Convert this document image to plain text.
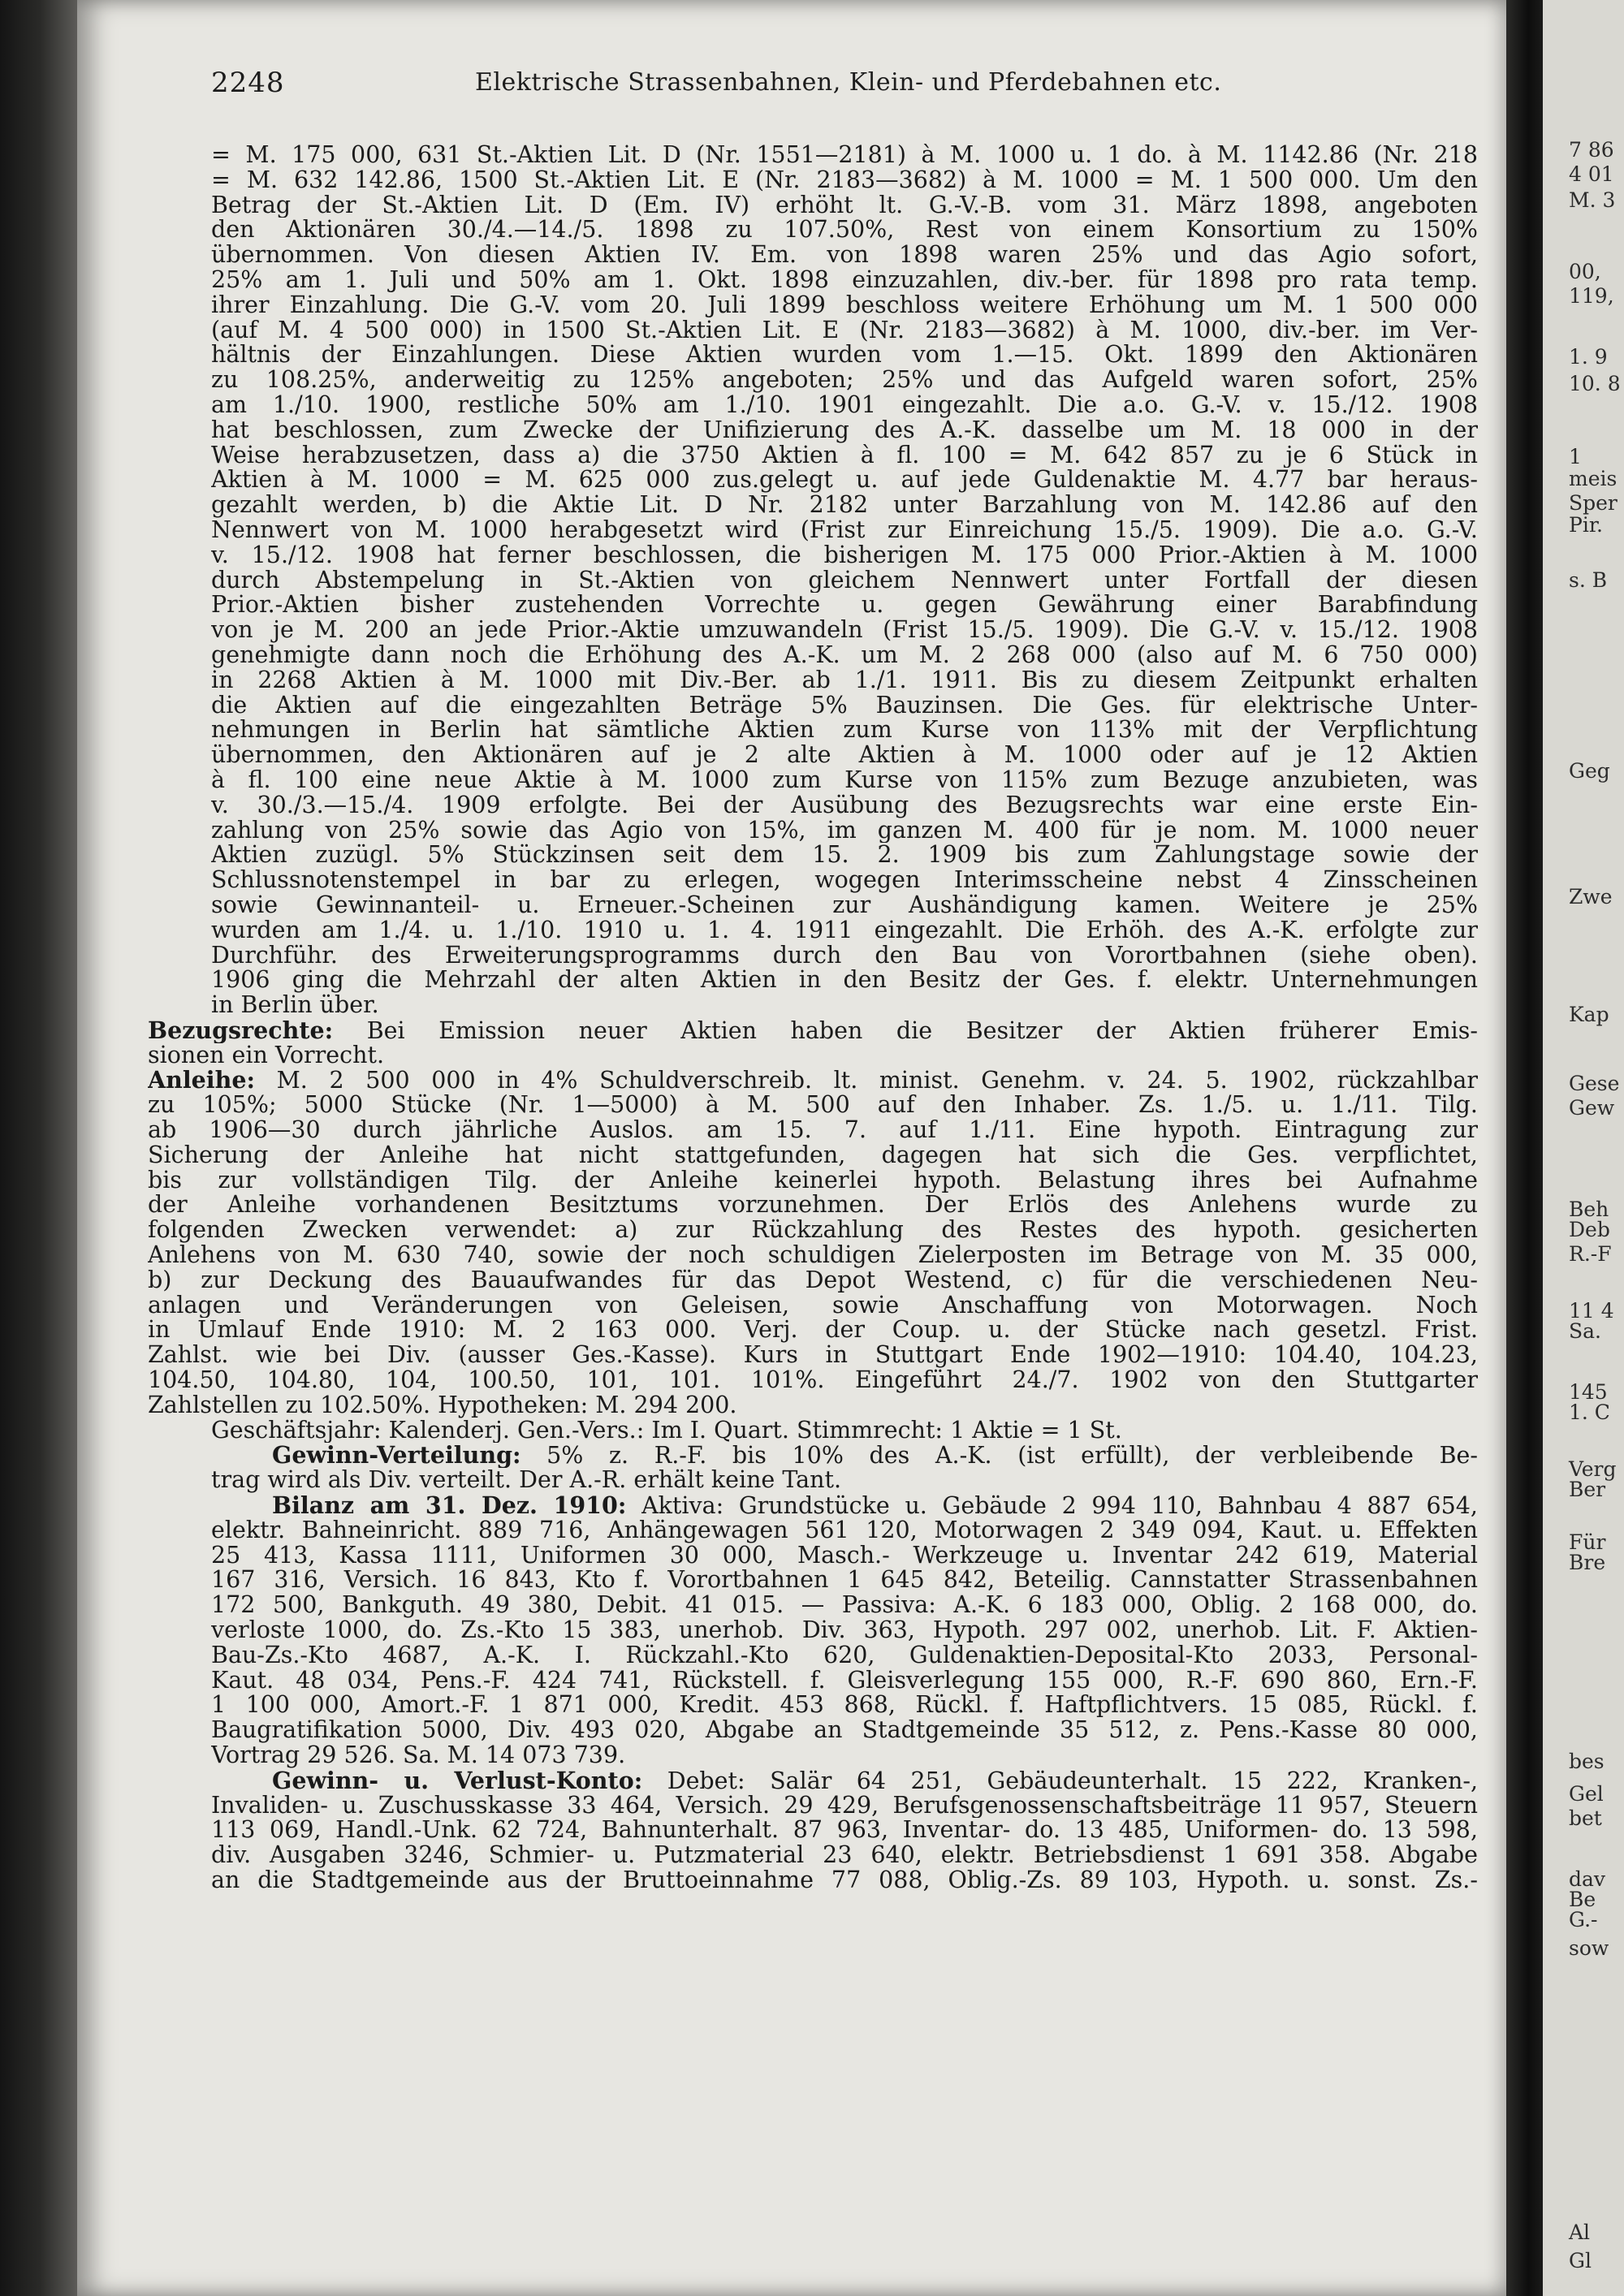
2248	Elektrische Strassenbahnen, Klein- und Pferdebahnen etc.
= M. 175 000, 631 St.-Aktien Lit. D (Nr. 1551—2181) à M. 1000 u. 1 do. à M. 1142.86 (Nr. 218
= M. 632 142.86, 1500 St.-Aktien Lit. E (Nr. 2183—3682) à M. 1000 = M. 1 500 000. Um den
Betrag der St.-Aktien Lit. D (Em. IV) erhöht lt. G.-V.-B. vom 31. März 1898, angeboten
den Aktionären 30./4.—14./5. 1898 zu 107.50%, Rest von einem Konsortium zu 150%
übernommen. Von diesen Aktien IV. Em. von 1898 waren 25% und das Agio sofort,
25% am 1. Juli und 50% am 1. Okt. 1898 einzuzahlen, div.-ber. für 1898 pro rata temp.
ihrer Einzahlung. Die G.-V. vom 20. Juli 1899 beschloss weitere Erhöhung um M. 1 500 000
(auf M. 4 500 000) in 1500 St.-Aktien Lit. E (Nr. 2183—3682) à M. 1000, div.-ber. im Ver-
hältnis der Einzahlungen. Diese Aktien wurden vom 1.—15. Okt. 1899 den Aktionären
zu 108.25%, anderweitig zu 125% angeboten; 25% und das Aufgeld waren sofort, 25%
am 1./10. 1900, restliche 50% am 1./10. 1901 eingezahlt. Die a.o. G.-V. v. 15./12. 1908
hat beschlossen, zum Zwecke der Unifizierung des A.-K. dasselbe um M. 18 000 in der
Weise herabzusetzen, dass a) die 3750 Aktien à fl. 100 = M. 642 857 zu je 6 Stück in
Aktien à M. 1000 = M. 625 000 zus.gelegt u. auf jede Guldenaktie M. 4.77 bar heraus-
gezahlt werden, b) die Aktie Lit. D Nr. 2182 unter Barzahlung von M. 142.86 auf den
Nennwert von M. 1000 herabgesetzt wird (Frist zur Einreichung 15./5. 1909). Die a.o. G.-V.
v. 15./12. 1908 hat ferner beschlossen, die bisherigen M. 175 000 Prior.-Aktien à M. 1000
durch Abstempelung in St.-Aktien von gleichem Nennwert unter Fortfall der diesen
Prior.-Aktien bisher zustehenden Vorrechte u. gegen Gewährung einer Barabfindung
von je M. 200 an jede Prior.-Aktie umzuwandeln (Frist 15./5. 1909). Die G.-V. v. 15./12. 1908
genehmigte dann noch die Erhöhung des A.-K. um M. 2 268 000 (also auf M. 6 750 000)
in 2268 Aktien à M. 1000 mit Div.-Ber. ab 1./1. 1911. Bis zu diesem Zeitpunkt erhalten
die Aktien auf die eingezahlten Beträge 5% Bauzinsen. Die Ges. für elektrische Unter-
nehmungen in Berlin hat sämtliche Aktien zum Kurse von 113% mit der Verpflichtung
übernommen, den Aktionären auf je 2 alte Aktien à M. 1000 oder auf je 12 Aktien
à fl. 100 eine neue Aktie à M. 1000 zum Kurse von 115% zum Bezuge anzubieten, was
v. 30./3.—15./4. 1909 erfolgte. Bei der Ausübung des Bezugsrechts war eine erste Ein-
zahlung von 25% sowie das Agio von 15%, im ganzen M. 400 für je nom. M. 1000 neuer
Aktien zuzügl. 5% Stückzinsen seit dem 15. 2. 1909 bis zum Zahlungstage sowie der
Schlussnotenstempel in bar zu erlegen, wogegen Interimsscheine nebst 4 Zinsscheinen
sowie Gewinnanteil- u. Erneuer.-Scheinen zur Aushändigung kamen. Weitere je 25%
wurden am 1./4. u. 1./10. 1910 u. 1. 4. 1911 eingezahlt. Die Erhöh. des A.-K. erfolgte zur
Durchführ. des Erweiterungsprogramms durch den Bau von Vorortbahnen (siehe oben).
1906 ging die Mehrzahl der alten Aktien in den Besitz der Ges. f. elektr. Unternehmungen
in Berlin über.
Bezugsrechte: Bei Emission neuer Aktien haben die Besitzer der Aktien früherer Emis-
sionen ein Vorrecht.
Anleihe: M. 2 500 000 in 4% Schuldverschreib. lt. minist. Genehm. v. 24. 5. 1902, rückzahlbar
zu 105%; 5000 Stücke (Nr. 1—5000) à M. 500 auf den Inhaber. Zs. 1./5. u. 1./11. Tilg.
ab 1906—30 durch jährliche Auslos. am 15. 7. auf 1./11. Eine hypoth. Eintragung zur
Sicherung der Anleihe hat nicht stattgefunden, dagegen hat sich die Ges. verpflichtet,
bis zur vollständigen Tilg. der Anleihe keinerlei hypoth. Belastung ihres bei Aufnahme
der Anleihe vorhandenen Besitztums vorzunehmen. Der Erlös des Anlehens wurde zu
folgenden Zwecken verwendet: a) zur Rückzahlung des Restes des hypoth. gesicherten
Anlehens von M. 630 740, sowie der noch schuldigen Zielerposten im Betrage von M. 35 000,
b) zur Deckung des Bauaufwandes für das Depot Westend, c) für die verschiedenen Neu-
anlagen und Veränderungen von Geleisen, sowie Anschaffung von Motorwagen. Noch
in Umlauf Ende 1910: M. 2 163 000. Verj. der Coup. u. der Stücke nach gesetzl. Frist.
Zahlst. wie bei Div. (ausser Ges.-Kasse). Kurs in Stuttgart Ende 1902—1910: 104.40, 104.23,
104.50, 104.80, 104, 100.50, 101, 101. 101%. Eingeführt 24./7. 1902 von den Stuttgarter
Zahlstellen zu 102.50%. Hypotheken: M. 294 200.
Geschäftsjahr: Kalenderj. Gen.-Vers.: Im I. Quart. Stimmrecht: 1 Aktie = 1 St.
Gewinn-Verteilung: 5% z. R.-F. bis 10% des A.-K. (ist erfüllt), der verbleibende Be-
trag wird als Div. verteilt. Der A.-R. erhält keine Tant.
Bilanz am 31. Dez. 1910: Aktiva: Grundstücke u. Gebäude 2 994 110, Bahnbau 4 887 654,
elektr. Bahneinricht. 889 716, Anhängewagen 561 120, Motorwagen 2 349 094, Kaut. u. Effekten
25 413, Kassa 1111, Uniformen 30 000, Masch.- Werkzeuge u. Inventar 242 619, Material
167 316, Versich. 16 843, Kto f. Vorortbahnen 1 645 842, Beteilig. Cannstatter Strassenbahnen
172 500, Bankguth. 49 380, Debit. 41 015. — Passiva: A.-K. 6 183 000, Oblig. 2 168 000, do.
verloste 1000, do. Zs.-Kto 15 383, unerhob. Div. 363, Hypoth. 297 002, unerhob. Lit. F. Aktien-
Bau-Zs.-Kto 4687, A.-K. I. Rückzahl.-Kto 620, Guldenaktien-Deposital-Kto 2033, Personal-
Kaut. 48 034, Pens.-F. 424 741, Rückstell. f. Gleisverlegung 155 000, R.-F. 690 860, Ern.-F.
1 100 000, Amort.-F. 1 871 000, Kredit. 453 868, Rückl. f. Haftpflichtvers. 15 085, Rückl. f.
Baugratifikation 5000, Div. 493 020, Abgabe an Stadtgemeinde 35 512, z. Pens.-Kasse 80 000,
Vortrag 29 526. Sa. M. 14 073 739.
Gewinn- u. Verlust-Konto: Debet: Salär 64 251, Gebäudeunterhalt. 15 222, Kranken-,
Invaliden- u. Zuschusskasse 33 464, Versich. 29 429, Berufsgenossenschaftsbeiträge 11 957, Steuern
113 069, Handl.-Unk. 62 724, Bahnunterhalt. 87 963, Inventar- do. 13 485, Uniformen- do. 13 598,
div. Ausgaben 3246, Schmier- u. Putzmaterial 23 640, elektr. Betriebsdienst 1 691 358. Abgabe
an die Stadtgemeinde aus der Bruttoeinnahme 77 088, Oblig.-Zs. 89 103, Hypoth. u. sonst. Zs.-
7 86
4 01
M. 3
00,
119,
1. 9
10. 8
1
meis
Sper
Pir.
s. B
Geg
Zwe
Kap
Gese
Gew
Beh
Deb
R.-F
11 4
Sa.
145
1. C
Verg
Ber
Für
Bre
bes
Gel
bet
dav
Be
G.-
sow
Al
Gl
